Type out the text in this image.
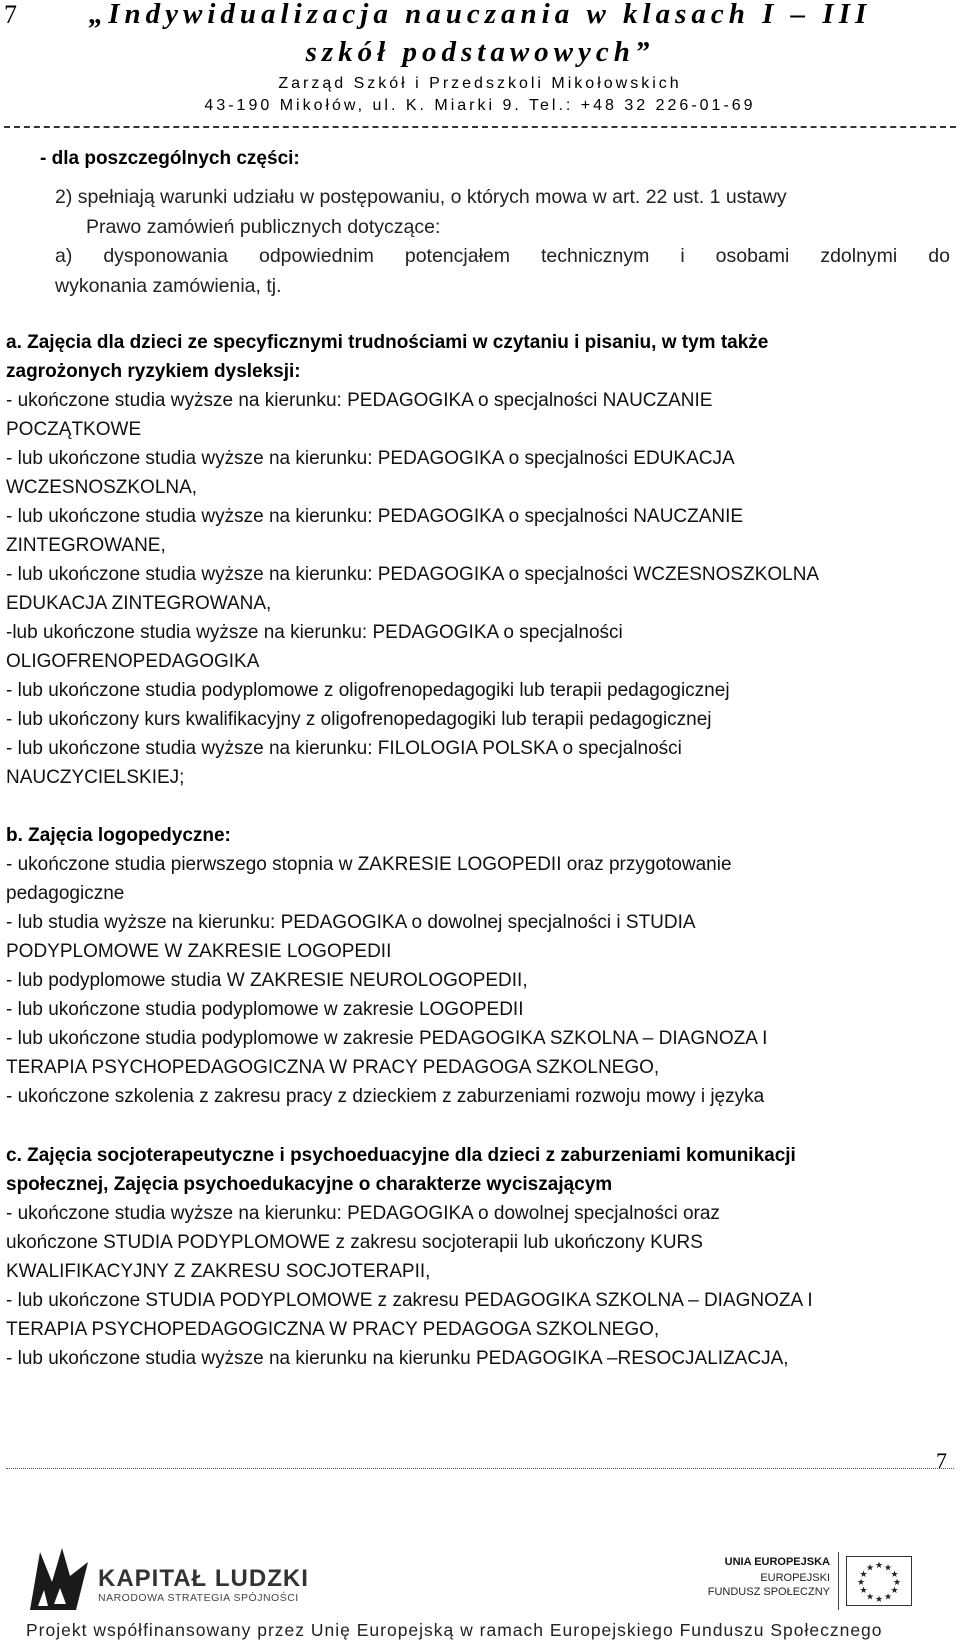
7	„Indywidualizacja nauczania w klasach I – III
szkół podstawowych”
Zarząd Szkół i Przedszkoli Mikołowskich
43-190 Mikołów, ul. K. Miarki 9. Tel.: +48 32 226-01-69
- dla poszczególnych części:
2) spełniają warunki udziału w postępowaniu, o których mowa w art. 22 ust. 1 ustawy
Prawo zamówień publicznych dotyczące:
a) dysponowania odpowiednim potencjałem technicznym i osobami zdolnymi do
wykonania zamówienia, tj.
a. Zajęcia dla dzieci ze specyficznymi trudnościami w czytaniu i pisaniu, w tym także
zagrożonych ryzykiem dysleksji:
- ukończone studia wyższe na kierunku: PEDAGOGIKA o specjalności NAUCZANIE
POCZĄTKOWE
- lub ukończone studia wyższe na kierunku: PEDAGOGIKA o specjalności EDUKACJA
WCZESNOSZKOLNA,
- lub ukończone studia wyższe na kierunku: PEDAGOGIKA o specjalności NAUCZANIE
ZINTEGROWANE,
- lub ukończone studia wyższe na kierunku: PEDAGOGIKA o specjalności WCZESNOSZKOLNA
EDUKACJA ZINTEGROWANA,
-lub ukończone studia wyższe na kierunku: PEDAGOGIKA o specjalności
OLIGOFRENOPEDAGOGIKA
- lub ukończone studia podyplomowe z oligofrenopedagogiki lub terapii pedagogicznej
- lub ukończony kurs kwalifikacyjny z oligofrenopedagogiki lub terapii pedagogicznej
- lub ukończone studia wyższe na kierunku: FILOLOGIA POLSKA o specjalności
NAUCZYCIELSKIEJ;
b. Zajęcia logopedyczne:
- ukończone studia pierwszego stopnia w ZAKRESIE LOGOPEDII oraz przygotowanie
pedagogiczne
- lub studia wyższe na kierunku: PEDAGOGIKA o dowolnej specjalności i STUDIA
PODYPLOMOWE W ZAKRESIE LOGOPEDII
- lub podyplomowe studia W ZAKRESIE NEUROLOGOPEDII,
- lub ukończone studia podyplomowe w zakresie LOGOPEDII
- lub ukończone studia podyplomowe w zakresie PEDAGOGIKA SZKOLNA – DIAGNOZA I
TERAPIA PSYCHOPEDAGOGICZNA W PRACY PEDAGOGA SZKOLNEGO,
- ukończone szkolenia z zakresu pracy z dzieckiem z zaburzeniami rozwoju mowy i języka
c. Zajęcia socjoterapeutyczne i psychoeduacyjne dla dzieci z zaburzeniami komunikacji
społecznej, Zajęcia psychoedukacyjne o charakterze wyciszającym
- ukończone studia wyższe na kierunku: PEDAGOGIKA o dowolnej specjalności oraz
ukończone STUDIA PODYPLOMOWE z zakresu socjoterapii lub ukończony KURS
KWALIFIKACYJNY Z ZAKRESU SOCJOTERAPII,
- lub ukończone STUDIA PODYPLOMOWE z zakresu PEDAGOGIKA SZKOLNA – DIAGNOZA I
TERAPIA PSYCHOPEDAGOGICZNA W PRACY PEDAGOGA SZKOLNEGO,
- lub ukończone studia wyższe na kierunku na kierunku PEDAGOGIKA –RESOCJALIZACJA,
7
KAPITAŁ LUDZKI
NARODOWA STRATEGIA SPÓJNOŚCI
UNIA EUROPEJSKA
EUROPEJSKI
FUNDUSZ SPOŁECZNY
★ ★
★
★
★
★
★
★
★
★
★
★
Projekt współfinansowany przez Unię Europejską w ramach Europejskiego Funduszu Społecznego
